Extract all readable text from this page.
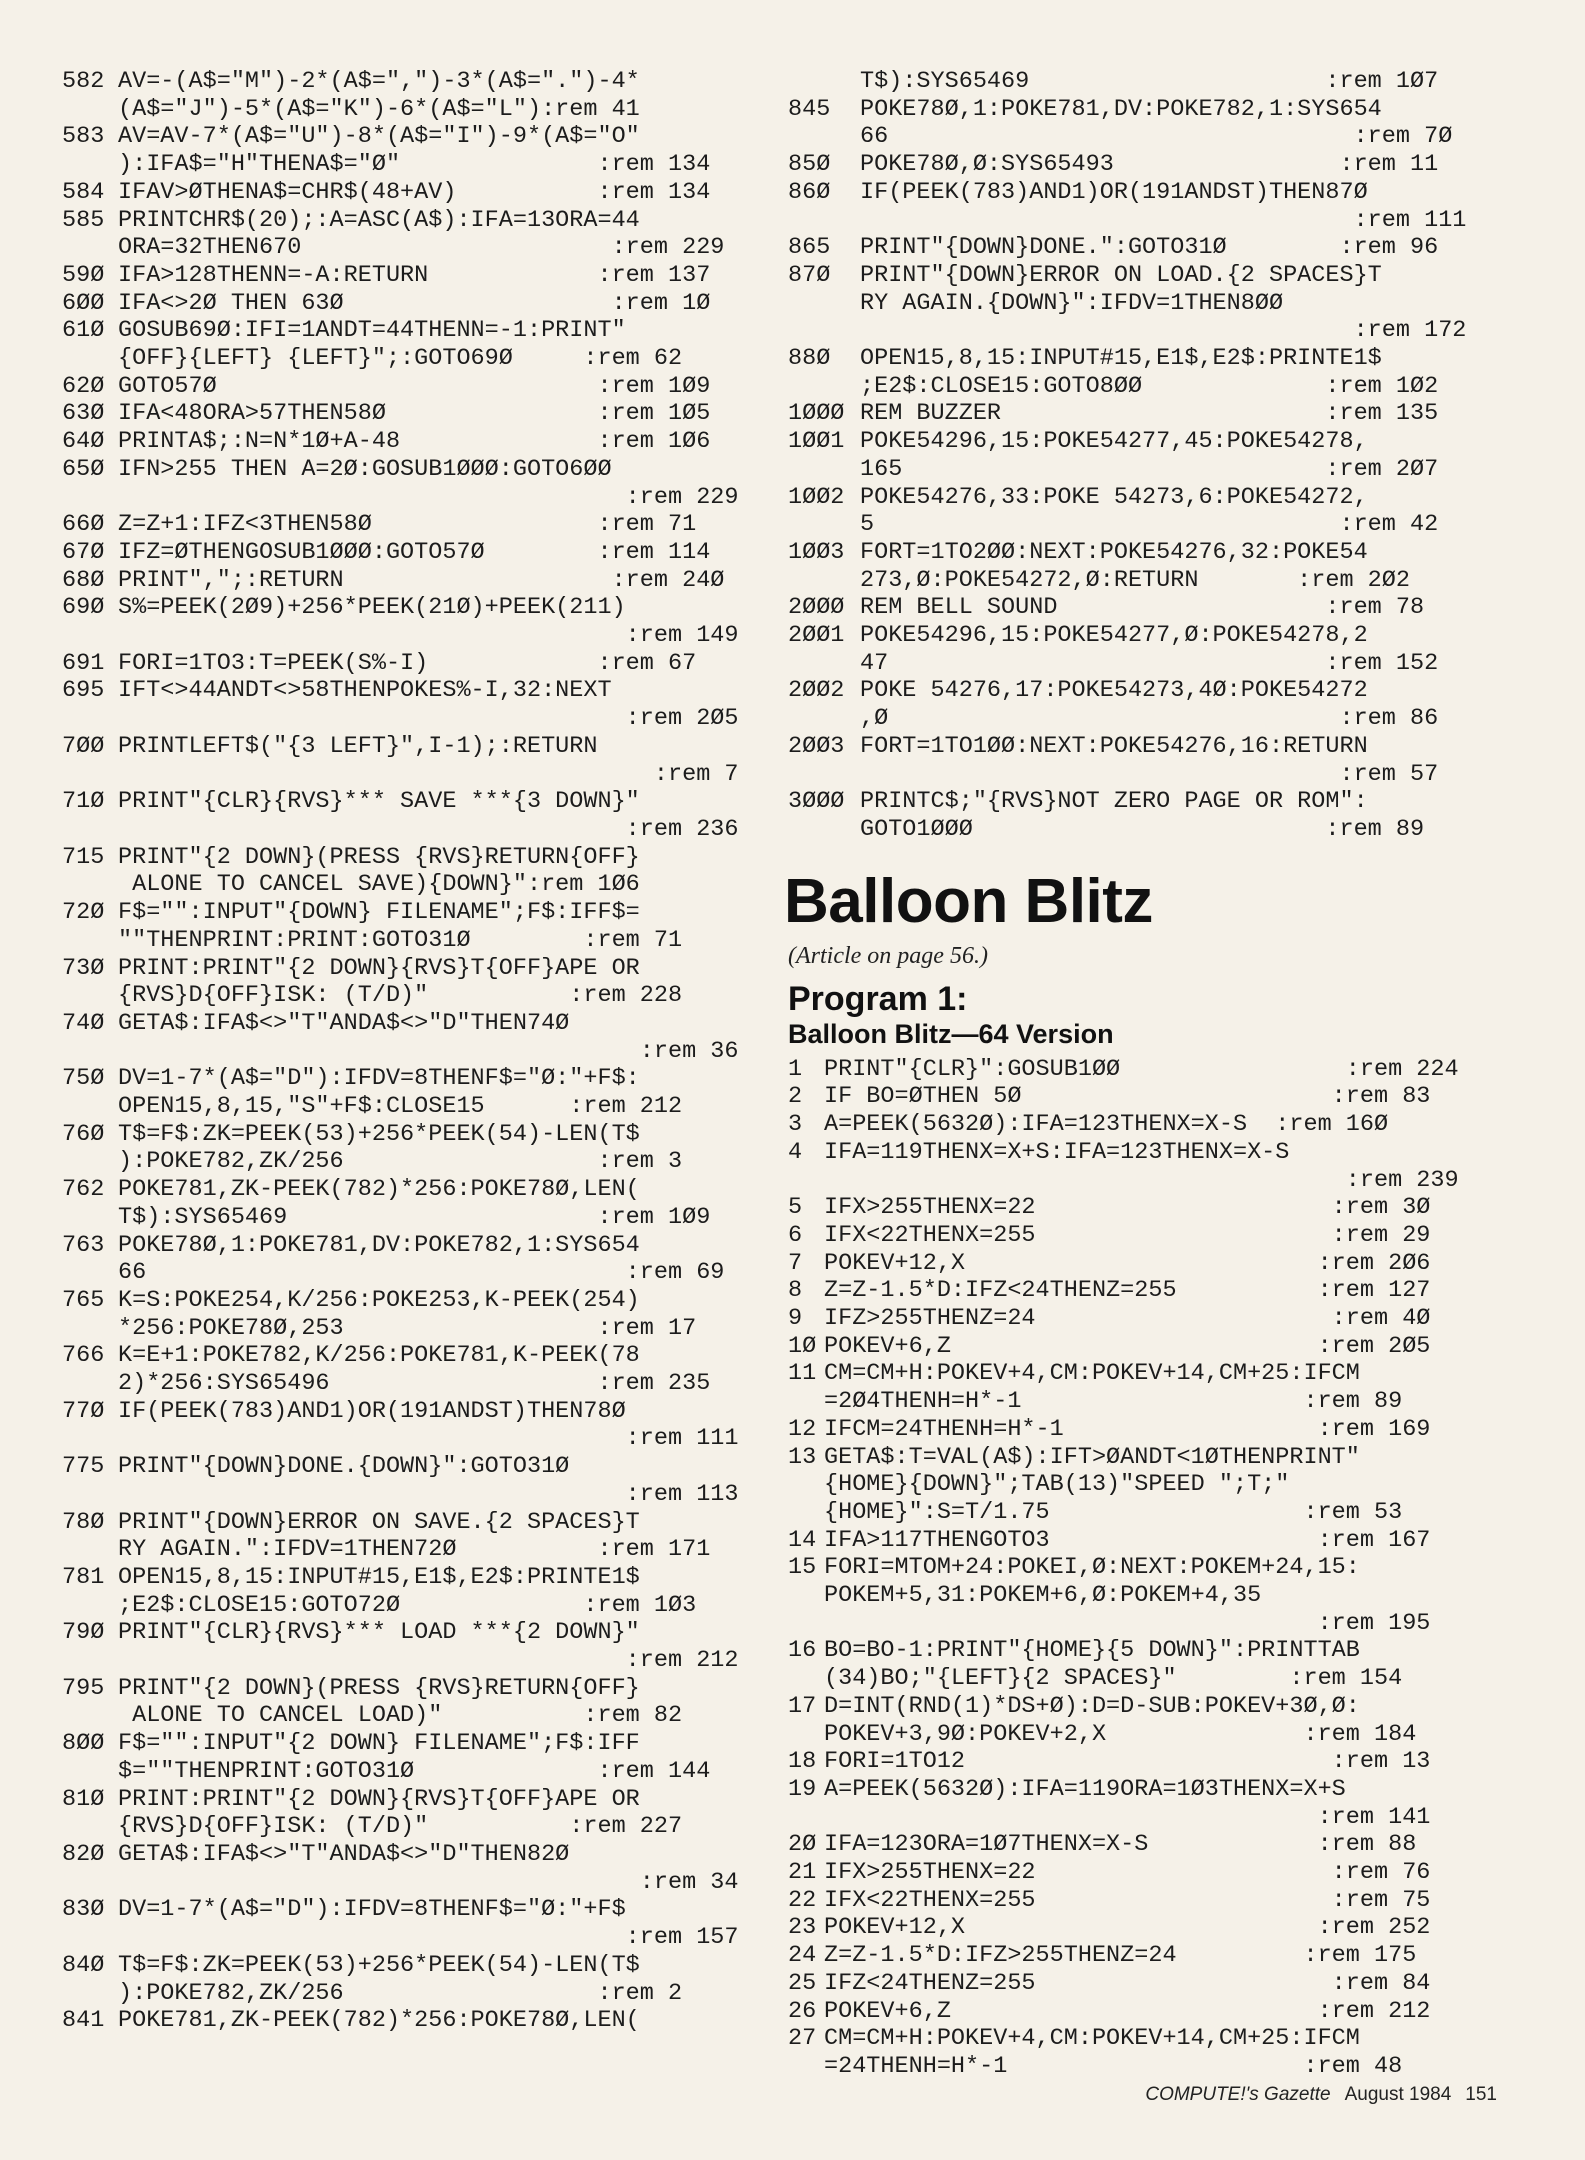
582 AV=-(A$="M")-2*(A$=",")-3*(A$=".")-4*
(A$="J")-5*(A$="K")-6*(A$="L"):rem 41
583 AV=AV-7*(A$="U")-8*(A$="I")-9*(A$="O"
):IFA$="H"THENA$="Ø"              :rem 134
584 IFAV>ØTHENA$=CHR$(48+AV)          :rem 134
585 PRINTCHR$(20);:A=ASC(A$):IFA=13ORA=44
ORA=32THEN670                      :rem 229
59Ø IFA>128THENN=-A:RETURN            :rem 137
6ØØ IFA<>2Ø THEN 63Ø                   :rem 1Ø
61Ø GOSUB69Ø:IFI=1ANDT=44THENN=-1:PRINT"
{OFF}{LEFT} {LEFT}";:GOTO69Ø     :rem 62
62Ø GOTO57Ø                           :rem 1Ø9
63Ø IFA<48ORA>57THEN58Ø               :rem 1Ø5
64Ø PRINTA$;:N=N*1Ø+A-48              :rem 1Ø6
65Ø IFN>255 THEN A=2Ø:GOSUB1ØØØ:GOTO6ØØ
:rem 229
66Ø Z=Z+1:IFZ<3THEN58Ø                :rem 71
67Ø IFZ=ØTHENGOSUB1ØØØ:GOTO57Ø        :rem 114
68Ø PRINT",";:RETURN                   :rem 24Ø
69Ø S%=PEEK(2Ø9)+256*PEEK(21Ø)+PEEK(211)
:rem 149
691 FORI=1TO3:T=PEEK(S%-I)            :rem 67
695 IFT<>44ANDT<>58THENPOKES%-I,32:NEXT
:rem 2Ø5
7ØØ PRINTLEFT$("{3 LEFT}",I-1);:RETURN
:rem 7
71Ø PRINT"{CLR}{RVS}*** SAVE ***{3 DOWN}"
:rem 236
715 PRINT"{2 DOWN}(PRESS {RVS}RETURN{OFF}
ALONE TO CANCEL SAVE){DOWN}":rem 1Ø6
72Ø F$="":INPUT"{DOWN} FILENAME";F$:IFF$=
""THENPRINT:PRINT:GOTO31Ø        :rem 71
73Ø PRINT:PRINT"{2 DOWN}{RVS}T{OFF}APE OR
{RVS}D{OFF}ISK: (T/D)"          :rem 228
74Ø GETA$:IFA$<>"T"ANDA$<>"D"THEN74Ø
:rem 36
75Ø DV=1-7*(A$="D"):IFDV=8THENF$="Ø:"+F$:
OPEN15,8,15,"S"+F$:CLOSE15      :rem 212
76Ø T$=F$:ZK=PEEK(53)+256*PEEK(54)-LEN(T$
):POKE782,ZK/256                  :rem 3
762 POKE781,ZK-PEEK(782)*256:POKE78Ø,LEN(
T$):SYS65469                      :rem 1Ø9
763 POKE78Ø,1:POKE781,DV:POKE782,1:SYS654
66                                  :rem 69
765 K=S:POKE254,K/256:POKE253,K-PEEK(254)
*256:POKE78Ø,253                  :rem 17
766 K=E+1:POKE782,K/256:POKE781,K-PEEK(78
2)*256:SYS65496                   :rem 235
77Ø IF(PEEK(783)AND1)OR(191ANDST)THEN78Ø
:rem 111
775 PRINT"{DOWN}DONE.{DOWN}":GOTO31Ø
:rem 113
78Ø PRINT"{DOWN}ERROR ON SAVE.{2 SPACES}T
RY AGAIN.":IFDV=1THEN72Ø          :rem 171
781 OPEN15,8,15:INPUT#15,E1$,E2$:PRINTE1$
;E2$:CLOSE15:GOTO72Ø             :rem 1Ø3
79Ø PRINT"{CLR}{RVS}*** LOAD ***{2 DOWN}"
:rem 212
795 PRINT"{2 DOWN}(PRESS {RVS}RETURN{OFF}
ALONE TO CANCEL LOAD)"          :rem 82
8ØØ F$="":INPUT"{2 DOWN} FILENAME";F$:IFF
$=""THENPRINT:GOTO31Ø             :rem 144
81Ø PRINT:PRINT"{2 DOWN}{RVS}T{OFF}APE OR
{RVS}D{OFF}ISK: (T/D)"          :rem 227
82Ø GETA$:IFA$<>"T"ANDA$<>"D"THEN82Ø
:rem 34
83Ø DV=1-7*(A$="D"):IFDV=8THENF$="Ø:"+F$
:rem 157
84Ø T$=F$:ZK=PEEK(53)+256*PEEK(54)-LEN(T$
):POKE782,ZK/256                  :rem 2
841 POKE781,ZK-PEEK(782)*256:POKE78Ø,LEN(
T$):SYS65469                     :rem 1Ø7
845	POKE78Ø,1:POKE781,DV:POKE782,1:SYS654
66                                 :rem 7Ø
85Ø	POKE78Ø,Ø:SYS65493                :rem 11
86Ø	IF(PEEK(783)AND1)OR(191ANDST)THEN87Ø
:rem 111
865	PRINT"{DOWN}DONE.":GOTO31Ø        :rem 96
87Ø	PRINT"{DOWN}ERROR ON LOAD.{2 SPACES}T
RY AGAIN.{DOWN}":IFDV=1THEN8ØØ
:rem 172
88Ø	OPEN15,8,15:INPUT#15,E1$,E2$:PRINTE1$
;E2$:CLOSE15:GOTO8ØØ             :rem 1Ø2
1ØØØ REM BUZZER                       :rem 135
1ØØ1 POKE54296,15:POKE54277,45:POKE54278,
165                              :rem 2Ø7
1ØØ2 POKE54276,33:POKE 54273,6:POKE54272,
5                                 :rem 42
1ØØ3 FORT=1TO2ØØ:NEXT:POKE54276,32:POKE54
273,Ø:POKE54272,Ø:RETURN       :rem 2Ø2
2ØØØ REM BELL SOUND                   :rem 78
2ØØ1 POKE54296,15:POKE54277,Ø:POKE54278,2
47                               :rem 152
2ØØ2 POKE 54276,17:POKE54273,4Ø:POKE54272
,Ø                                :rem 86
2ØØ3 FORT=1TO1ØØ:NEXT:POKE54276,16:RETURN
:rem 57
3ØØØ PRINTC$;"{RVS}NOT ZERO PAGE OR ROM":
GOTO1ØØØ                         :rem 89
Balloon Blitz
(Article on page 56.)
Program 1:
Balloon Blitz—64 Version
1 PRINT"{CLR}":GOSUB1ØØ                :rem 224
2 IF BO=ØTHEN 5Ø                      :rem 83
3 A=PEEK(5632Ø):IFA=123THENX=X-S  :rem 16Ø
4 IFA=119THENX=X+S:IFA=123THENX=X-S
:rem 239
5 IFX>255THENX=22                     :rem 3Ø
6 IFX<22THENX=255                     :rem 29
7 POKEV+12,X                         :rem 2Ø6
8 Z=Z-1.5*D:IFZ<24THENZ=255          :rem 127
9 IFZ>255THENZ=24                     :rem 4Ø
1Ø POKEV+6,Z                          :rem 2Ø5
11 CM=CM+H:POKEV+4,CM:POKEV+14,CM+25:IFCM
=2Ø4THENH=H*-1                    :rem 89
12 IFCM=24THENH=H*-1                  :rem 169
13 GETA$:T=VAL(A$):IFT>ØANDT<1ØTHENPRINT"
{HOME}{DOWN}";TAB(13)"SPEED ";T;"
{HOME}":S=T/1.75                  :rem 53
14 IFA>117THENGOTO3                   :rem 167
15 FORI=MTOM+24:POKEI,Ø:NEXT:POKEM+24,15:
POKEM+5,31:POKEM+6,Ø:POKEM+4,35
:rem 195
16 BO=BO-1:PRINT"{HOME}{5 DOWN}":PRINTTAB
(34)BO;"{LEFT}{2 SPACES}"        :rem 154
17 D=INT(RND(1)*DS+Ø):D=D-SUB:POKEV+3Ø,Ø:
POKEV+3,9Ø:POKEV+2,X              :rem 184
18 FORI=1TO12                          :rem 13
19 A=PEEK(5632Ø):IFA=119ORA=1Ø3THENX=X+S
:rem 141
2Ø IFA=123ORA=1Ø7THENX=X-S            :rem 88
21 IFX>255THENX=22                     :rem 76
22 IFX<22THENX=255                     :rem 75
23 POKEV+12,X                         :rem 252
24 Z=Z-1.5*D:IFZ>255THENZ=24         :rem 175
25 IFZ<24THENZ=255                     :rem 84
26 POKEV+6,Z                          :rem 212
27 CM=CM+H:POKEV+4,CM:POKEV+14,CM+25:IFCM
=24THENH=H*-1                     :rem 48
COMPUTE!'s Gazette August 1984 151
